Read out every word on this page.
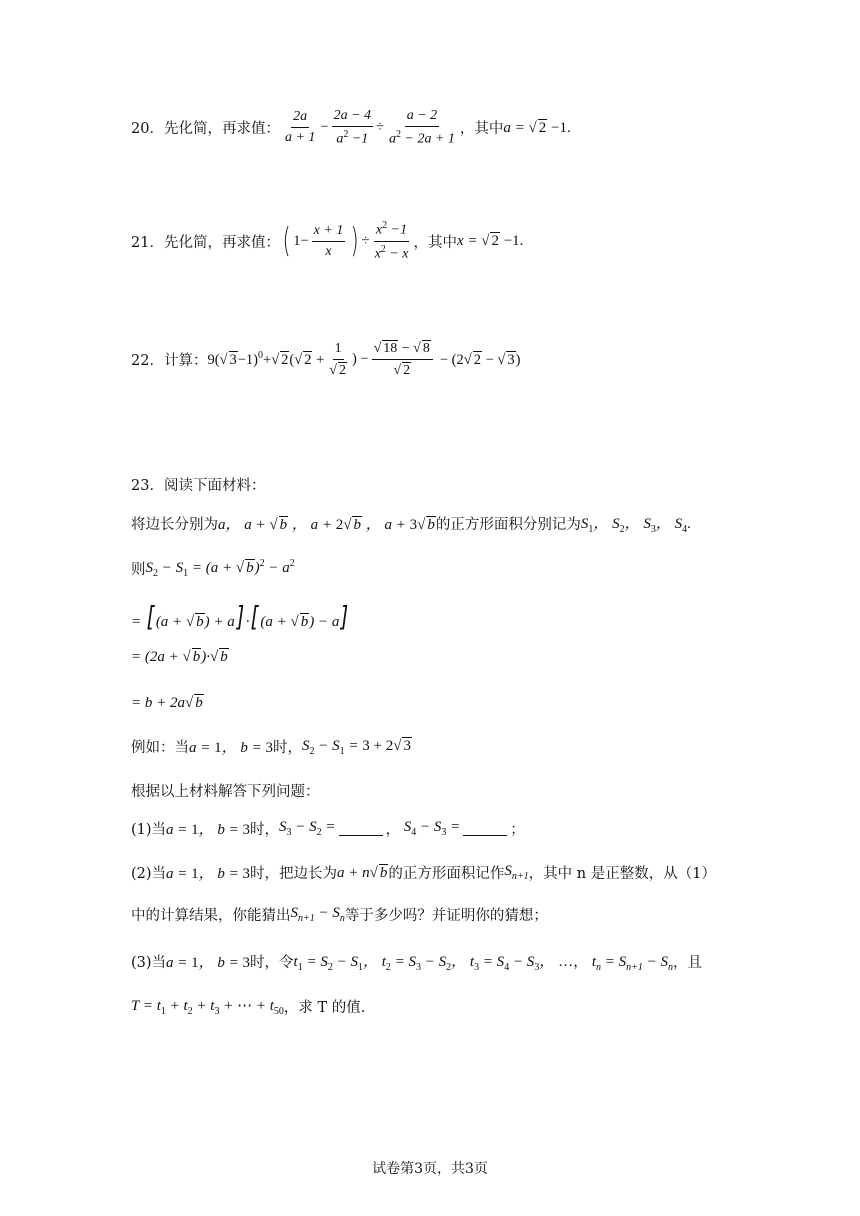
20．先化简，再求值： $\frac{2a}{a + 1} - \frac{2a - 4}{a^2 -1} \div \frac{a - 2}{a^2 - 2a + 1}$ ，其中 a = √ 2 −1.
21．先化简，再求值： ( $1- \frac{x + 1}{x}$ ) ÷ $\frac{x^2 -1}{x^2 - x}$ ，其中 x = √ 2 −1.
22．计算： 9(√ 3−1)$^0$+√ 2(√ $2 + \frac{1}{√ 2}$ ) − $\frac{√ 18 - √ 8}{√ 2} - (2√$ 2 − √ 3)
23．阅读下面材料：
将边长分别为 a， a + √ b ， a + 2√ b ， a + 3√ b 的正方形面积分别记为 $S_1$， $S_2$， $S_3$， $S_4$.
则 $S_2 - S_1 = (a$ + √ $b)^2 - a^2$
= [ (a + √ b) + a] ·[ (a + √ b) − a]
= (2a + √ b)·√ b
= b + 2a√ b
例如：当 a = 1， b = 3 时， $S_2 - S_1 = 3 + 2√$ 3
根据以上材料解答下列问题：
(1)当 a = 1， b = 3 时， $S_3 - S_2$ =	， $S_4 - S_3$ =	；
(2)当 a = 1， b = 3 时，把边长为 a + n√ b 的正方形面积记作 $S_{n+1}$ ，其中 n 是正整数，从（1）
中的计算结果，你能猜出 $S_{n+1} - S_n$ 等于多少吗？并证明你的猜想；
(3)当 a = 1， b = 3 时，令 $t_1 = S_2 - S_1$， $t_2 = S_3 - S_2$， $t_3 = S_4 - S_3$， …， $t_n = S_{n+1} - S_n$ ，且
$T = t_1 + t_2 + t_3$ + ⋯ + $t_{50}$ ，求 T 的值.
试卷第3页，共3页
